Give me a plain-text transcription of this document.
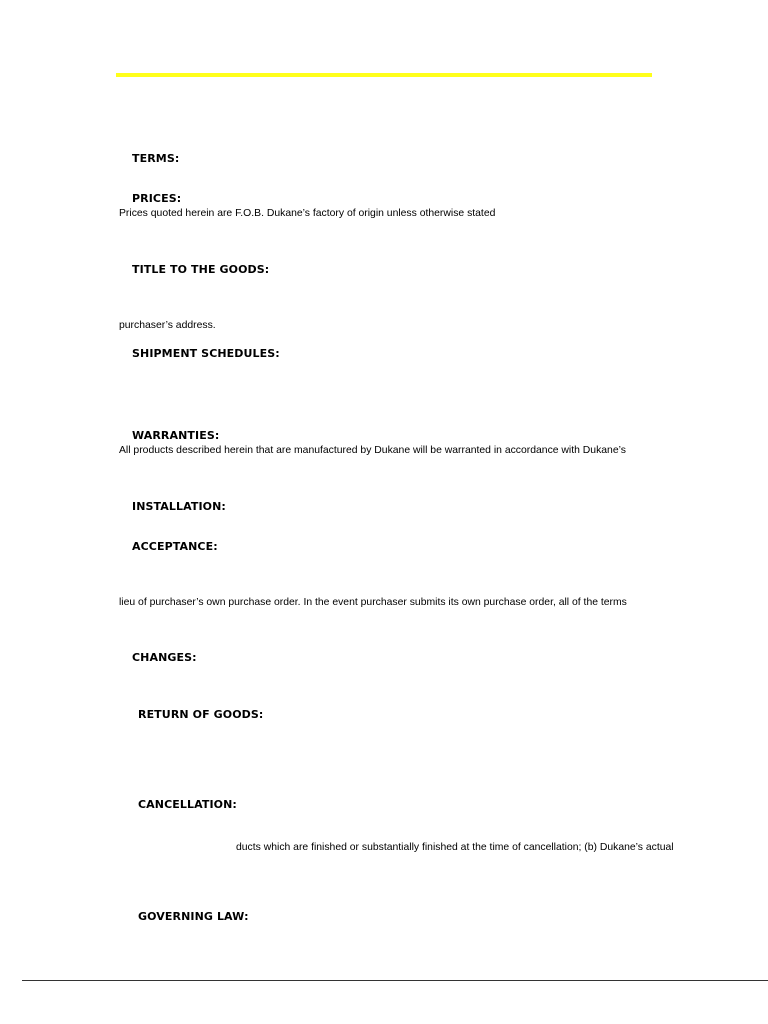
TERMS:
PRICES:
Prices quoted herein are F.O.B. Dukane’s factory of origin unless otherwise stated
TITLE TO THE GOODS:
purchaser’s address.
SHIPMENT SCHEDULES:
WARRANTIES:
All products described herein that are manufactured by Dukane will be warranted in accordance with Dukane’s
INSTALLATION:
ACCEPTANCE:
lieu of purchaser’s own purchase order. In the event purchaser submits its own purchase order, all of the terms
CHANGES:
RETURN OF GOODS:
CANCELLATION:
ducts which are finished or substantially finished at the time of cancellation; (b) Dukane’s actual
GOVERNING LAW:
